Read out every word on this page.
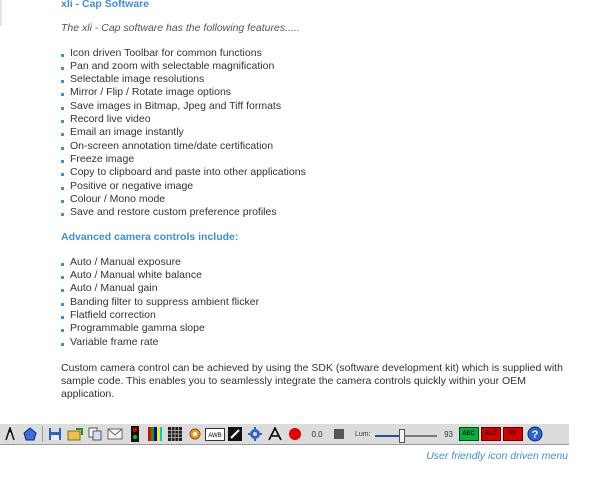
xli - Cap Software
The xli - Cap software has the following features.....
Icon driven Toolbar for common functions
Pan and zoom with selectable magnification
Selectable image resolutions
Mirror / Flip / Rotate image options
Save images in Bitmap, Jpeg and Tiff formats
Record live video
Email an image instantly
On-screen annotation time/date certification
Freeze image
Copy to clipboard and paste into other applications
Positive or negative image
Colour / Mono mode
Save and restore custom preference profiles
Advanced camera controls include:
Auto / Manual exposure
Auto / Manual white balance
Auto / Manual gain
Banding filter to suppress ambient flicker
Flatfield correction
Programmable gamma slope
Variable frame rate
Custom camera control can be achieved by using the SDK (software development kit) which is supplied with sample code. This enables you to seamlessly integrate the camera controls quickly within your OEM application.
AWB	0.0	Lum:	93	AEC	ALC	FF	?
User friendly icon driven menu
